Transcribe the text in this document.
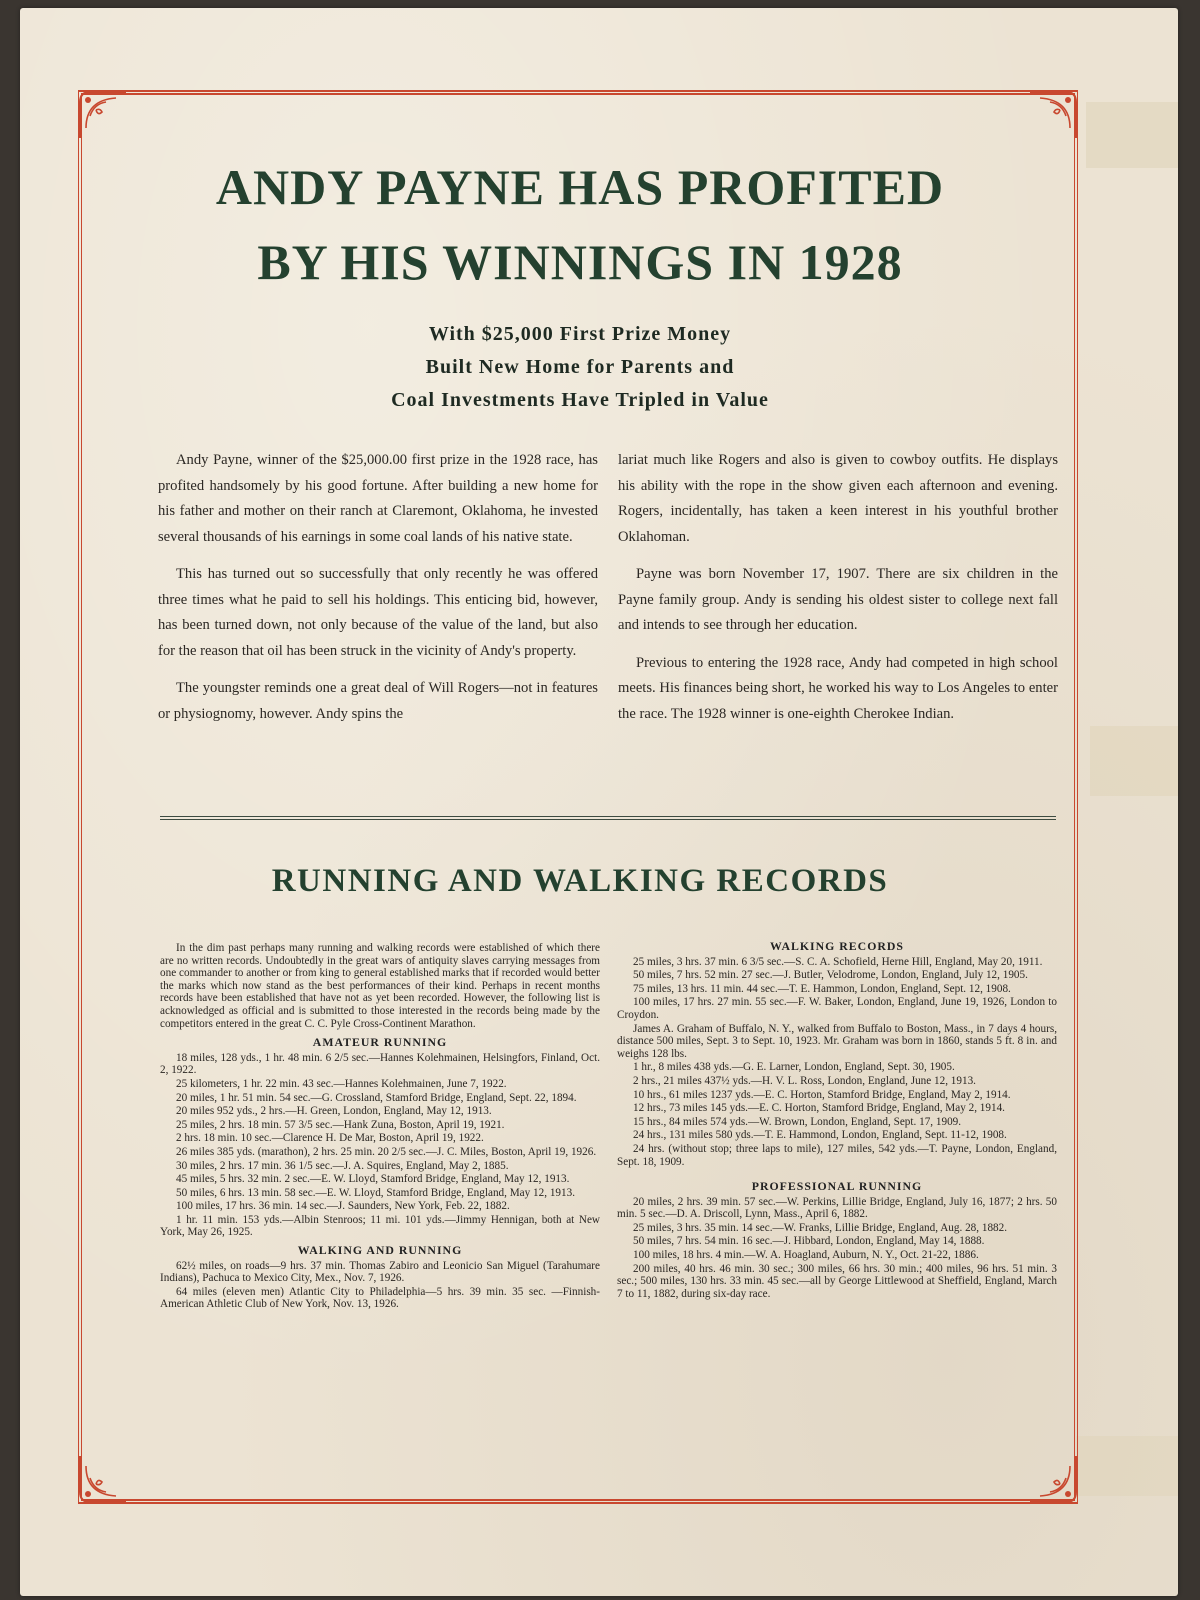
ANDY PAYNE HAS PROFITED
BY HIS WINNINGS IN 1928
With $25,000 First Prize Money
Built New Home for Parents and
Coal Investments Have Tripled in Value

Andy Payne, winner of the $25,000.00 first prize in the 1928 race, has profited handsomely by his good fortune. After building a new home for his father and mother on their ranch at Claremont, Oklahoma, he invested several thousands of his earnings in some coal lands of his native state.

This has turned out so successfully that only recently he was offered three times what he paid to sell his holdings. This enticing bid, however, has been turned down, not only because of the value of the land, but also for the reason that oil has been struck in the vicinity of Andy's property.

The youngster reminds one a great deal of Will Rogers—not in features or physiognomy, however. Andy spins the

lariat much like Rogers and also is given to cowboy outfits. He displays his ability with the rope in the show given each afternoon and evening. Rogers, incidentally, has taken a keen interest in his youthful brother Oklahoman.

Payne was born November 17, 1907. There are six children in the Payne family group. Andy is sending his oldest sister to college next fall and intends to see through her education.

Previous to entering the 1928 race, Andy had competed in high school meets. His finances being short, he worked his way to Los Angeles to enter the race. The 1928 winner is one-eighth Cherokee Indian.

RUNNING AND WALKING RECORDS

In the dim past perhaps many running and walking records were established of which there are no written records. Undoubtedly in the great wars of antiquity slaves carrying messages from one commander to another or from king to general established marks that if recorded would better the marks which now stand as the best performances of their kind. Perhaps in recent months records have been established that have not as yet been recorded. However, the following list is acknowledged as official and is submitted to those interested in the records being made by the competitors entered in the great C. C. Pyle Cross-Continent Marathon.

AMATEUR RUNNING

18 miles, 128 yds., 1 hr. 48 min. 6 2/5 sec.—Hannes Kolehmainen, Helsingfors, Finland, Oct. 2, 1922.

25 kilometers, 1 hr. 22 min. 43 sec.—Hannes Kolehmainen, June 7, 1922.

20 miles, 1 hr. 51 min. 54 sec.—G. Crossland, Stamford Bridge, England, Sept. 22, 1894.

20 miles 952 yds., 2 hrs.—H. Green, London, England, May 12, 1913.

25 miles, 2 hrs. 18 min. 57 3/5 sec.—Hank Zuna, Boston, April 19, 1921.

2 hrs. 18 min. 10 sec.—Clarence H. De Mar, Boston, April 19, 1922.

26 miles 385 yds. (marathon), 2 hrs. 25 min. 20 2/5 sec.—J. C. Miles, Boston, April 19, 1926.

30 miles, 2 hrs. 17 min. 36 1/5 sec.—J. A. Squires, England, May 2, 1885.

45 miles, 5 hrs. 32 min. 2 sec.—E. W. Lloyd, Stamford Bridge, England, May 12, 1913.

50 miles, 6 hrs. 13 min. 58 sec.—E. W. Lloyd, Stamford Bridge, England, May 12, 1913.

100 miles, 17 hrs. 36 min. 14 sec.—J. Saunders, New York, Feb. 22, 1882.

1 hr. 11 min. 153 yds.—Albin Stenroos; 11 mi. 101 yds.—Jimmy Hennigan, both at New York, May 26, 1925.

WALKING AND RUNNING

62½ miles, on roads—9 hrs. 37 min. Thomas Zabiro and Leonicio San Miguel (Tarahumare Indians), Pachuca to Mexico City, Mex., Nov. 7, 1926.

64 miles (eleven men) Atlantic City to Philadelphia—5 hrs. 39 min. 35 sec. —Finnish-American Athletic Club of New York, Nov. 13, 1926.

WALKING RECORDS

25 miles, 3 hrs. 37 min. 6 3/5 sec.—S. C. A. Schofield, Herne Hill, England, May 20, 1911.

50 miles, 7 hrs. 52 min. 27 sec.—J. Butler, Velodrome, London, England, July 12, 1905.

75 miles, 13 hrs. 11 min. 44 sec.—T. E. Hammon, London, England, Sept. 12, 1908.

100 miles, 17 hrs. 27 min. 55 sec.—F. W. Baker, London, England, June 19, 1926, London to Croydon.

James A. Graham of Buffalo, N. Y., walked from Buffalo to Boston, Mass., in 7 days 4 hours, distance 500 miles, Sept. 3 to Sept. 10, 1923. Mr. Graham was born in 1860, stands 5 ft. 8 in. and weighs 128 lbs.

1 hr., 8 miles 438 yds.—G. E. Larner, London, England, Sept. 30, 1905.

2 hrs., 21 miles 437½ yds.—H. V. L. Ross, London, England, June 12, 1913.

10 hrs., 61 miles 1237 yds.—E. C. Horton, Stamford Bridge, England, May 2, 1914.

12 hrs., 73 miles 145 yds.—E. C. Horton, Stamford Bridge, England, May 2, 1914.

15 hrs., 84 miles 574 yds.—W. Brown, London, England, Sept. 17, 1909.

24 hrs., 131 miles 580 yds.—T. E. Hammond, London, England, Sept. 11-12, 1908.

24 hrs. (without stop; three laps to mile), 127 miles, 542 yds.—T. Payne, London, England, Sept. 18, 1909.

PROFESSIONAL RUNNING

20 miles, 2 hrs. 39 min. 57 sec.—W. Perkins, Lillie Bridge, England, July 16, 1877; 2 hrs. 50 min. 5 sec.—D. A. Driscoll, Lynn, Mass., April 6, 1882.

25 miles, 3 hrs. 35 min. 14 sec.—W. Franks, Lillie Bridge, England, Aug. 28, 1882.

50 miles, 7 hrs. 54 min. 16 sec.—J. Hibbard, London, England, May 14, 1888.

100 miles, 18 hrs. 4 min.—W. A. Hoagland, Auburn, N. Y., Oct. 21-22, 1886.

200 miles, 40 hrs. 46 min. 30 sec.; 300 miles, 66 hrs. 30 min.; 400 miles, 96 hrs. 51 min. 3 sec.; 500 miles, 130 hrs. 33 min. 45 sec.—all by George Littlewood at Sheffield, England, March 7 to 11, 1882, during six-day race.
